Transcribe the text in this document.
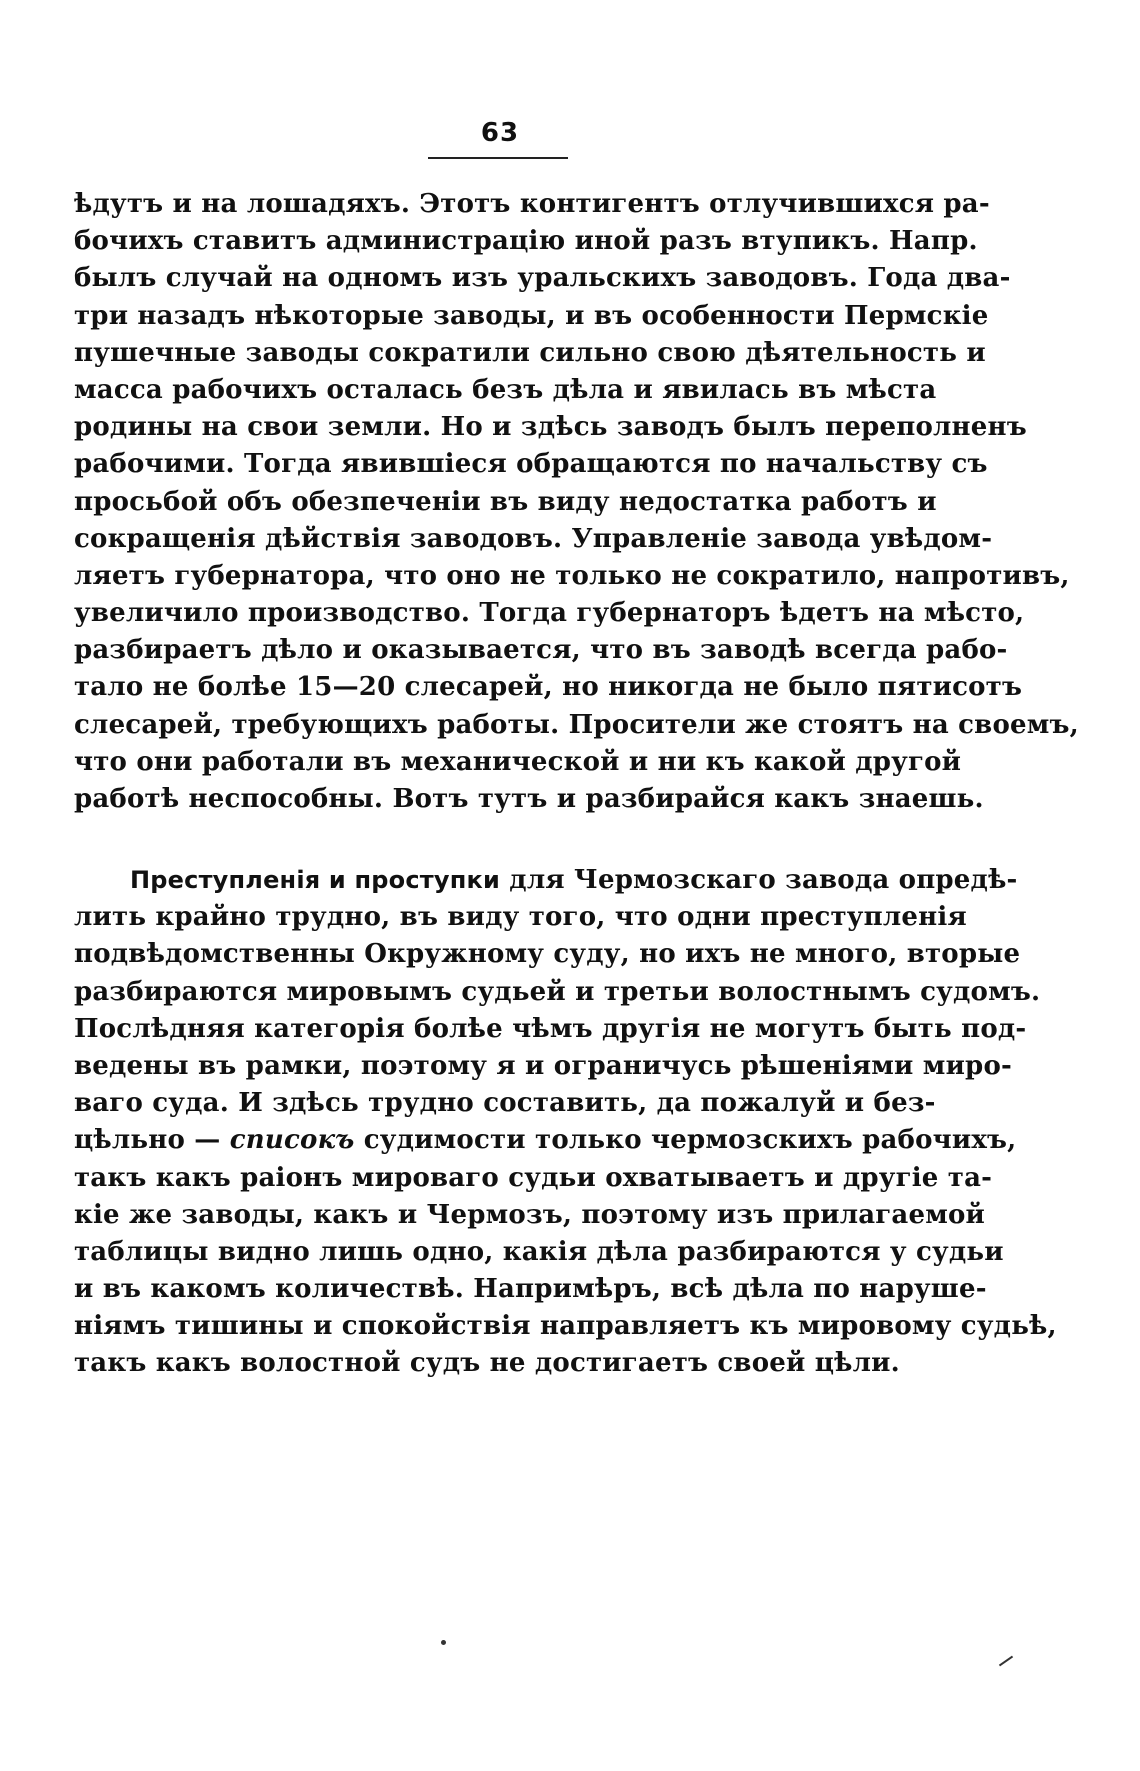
63
ѣдутъ и на лошадяхъ. Этотъ контигентъ отлучившихся ра-
бочихъ ставитъ администрацію иной разъ втупикъ. Напр.
былъ случай на одномъ изъ уральскихъ заводовъ. Года два-
три назадъ нѣкоторые заводы, и въ особенности Пермскіе
пушечные заводы сократили сильно свою дѣятельность и
масса рабочихъ осталась безъ дѣла и явилась въ мѣста
родины на свои земли. Но и здѣсь заводъ былъ переполненъ
рабочими. Тогда явившіеся обращаются по начальству съ
просьбой объ обезпеченіи въ виду недостатка работъ и
сокращенія дѣйствія заводовъ. Управленіе завода увѣдом-
ляетъ губернатора, что оно не только не сократило, напротивъ,
увеличило производство. Тогда губернаторъ ѣдетъ на мѣсто,
разбираетъ дѣло и оказывается, что въ заводѣ всегда рабо-
тало не болѣе 15—20 слесарей, но никогда не было пятисотъ
слесарей, требующихъ работы. Просители же стоятъ на своемъ,
что они работали въ механической и ни къ какой другой
работѣ неспособны. Вотъ тутъ и разбирайся какъ знаешь.
Преступленія и проступки для Чермозскаго завода опредѣ-
лить крайно трудно, въ виду того, что одни преступленія
подвѣдомственны Окружному суду, но ихъ не много, вторые
разбираются мировымъ судьей и третьи волостнымъ судомъ.
Послѣдняя категорія болѣе чѣмъ другія не могутъ быть под-
ведены въ рамки, поэтому я и ограничусь рѣшеніями миро-
ваго суда. И здѣсь трудно составить, да пожалуй и без-
цѣльно — списокъ судимости только чермозскихъ рабочихъ,
такъ какъ раіонъ мироваго судьи охватываетъ и другіе та-
кіе же заводы, какъ и Чермозъ, поэтому изъ прилагаемой
таблицы видно лишь одно, какія дѣла разбираются у судьи
и въ какомъ количествѣ. Напримѣръ, всѣ дѣла по наруше-
ніямъ тишины и спокойствія направляетъ къ мировому судьѣ,
такъ какъ волостной судъ не достигаетъ своей цѣли.
